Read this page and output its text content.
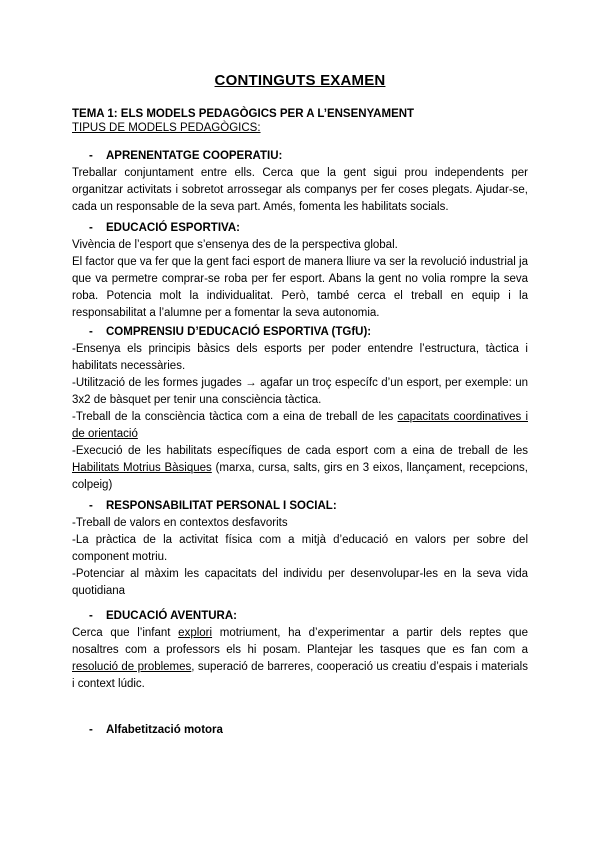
CONTINGUTS EXAMEN
TEMA 1: ELS MODELS PEDAGÒGICS PER A L’ENSENYAMENT
TIPUS DE MODELS PEDAGÒGICS:
- APRENENTATGE COOPERATIU:

Treballar conjuntament entre ells. Cerca que la gent sigui prou independents per organitzar activitats i sobretot arrossegar als companys per fer coses plegats. Ajudar-se, cada un responsable de la seva part. Amés, fomenta les habilitats socials.

- EDUCACIÓ ESPORTIVA:

Vivència de l’esport que s’ensenya des de la perspectiva global.

El factor que va fer que la gent faci esport de manera lliure va ser la revolució industrial ja que va permetre comprar-se roba per fer esport. Abans la gent no volia rompre la seva roba. Potencia molt la individualitat. Però, també cerca el treball en equip i la responsabilitat a l’alumne per a fomentar la seva autonomia.

- COMPRENSIU D’EDUCACIÓ ESPORTIVA (TGfU):

-Ensenya els principis bàsics dels esports per poder entendre l’estructura, tàctica i habilitats necessàries.

-Utilització de les formes jugades → agafar un troç específc d’un esport, per exemple: un 3x2 de bàsquet per tenir una consciència tàctica.

-Treball de la consciència tàctica com a eina de treball de les capacitats coordinatives i de orientació

-Execució de les habilitats específiques de cada esport com a eina de treball de les Habilitats Motrius Bàsiques (marxa, cursa, salts, girs en 3 eixos, llançament, recepcions, colpeig)

- RESPONSABILITAT PERSONAL I SOCIAL:

-Treball de valors en contextos desfavorits

-La pràctica de la activitat física com a mitjà d’educació en valors per sobre del component motriu.

-Potenciar al màxim les capacitats del individu per desenvolupar-les en la seva vida quotidiana

- EDUCACIÓ AVENTURA:

Cerca que l’infant explori motriument, ha d’experimentar a partir dels reptes que nosaltres com a professors els hi posam. Plantejar les tasques que es fan com a resolució de problemes, superació de barreres, cooperació us creatiu d’espais i materials i context lúdic.

- Alfabetització motora
